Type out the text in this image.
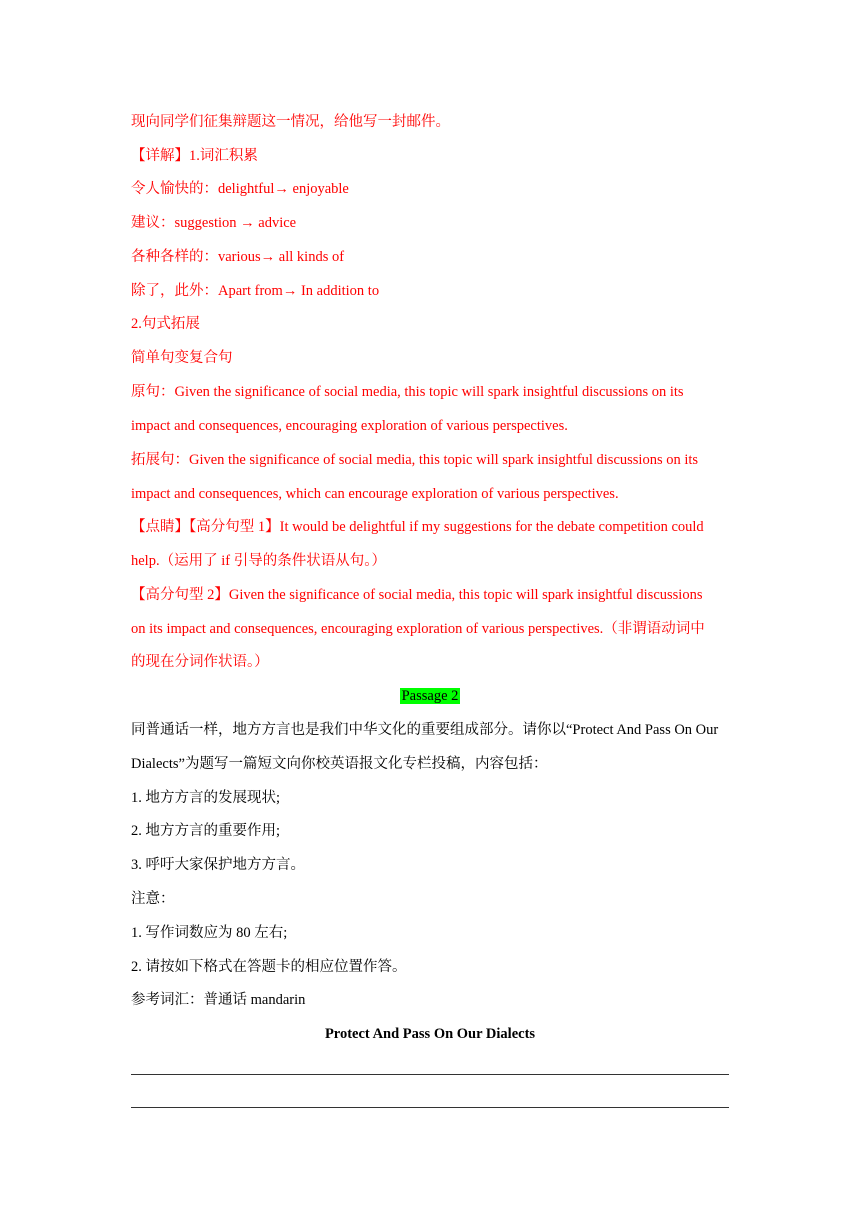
现向同学们征集辩题这一情况，给他写一封邮件。
【详解】1.词汇积累
令人愉快的：delightful→ enjoyable
建议：suggestion → advice
各种各样的：various→ all kinds of
除了，此外：Apart from→ In addition to
2.句式拓展
简单句变复合句
原句：Given the significance of social media, this topic will spark insightful discussions on its
impact and consequences, encouraging exploration of various perspectives.
拓展句：Given the significance of social media, this topic will spark insightful discussions on its
impact and consequences, which can encourage exploration of various perspectives.
【点睛】【高分句型 1】It would be delightful if my suggestions for the debate competition could
help.（运用了 if 引导的条件状语从句。）
【高分句型 2】Given the significance of social media, this topic will spark insightful discussions
on its impact and consequences, encouraging exploration of various perspectives.（非谓语动词中
的现在分词作状语。）
Passage 2
同普通话一样，地方方言也是我们中华文化的重要组成部分。请你以“Protect And Pass On Our
Dialects”为题写一篇短文向你校英语报文化专栏投稿，内容包括：
1. 地方方言的发展现状;
2. 地方方言的重要作用;
3. 呼吁大家保护地方方言。
注意：
1. 写作词数应为 80 左右;
2. 请按如下格式在答题卡的相应位置作答。
参考词汇：普通话 mandarin
Protect And Pass On Our Dialects
